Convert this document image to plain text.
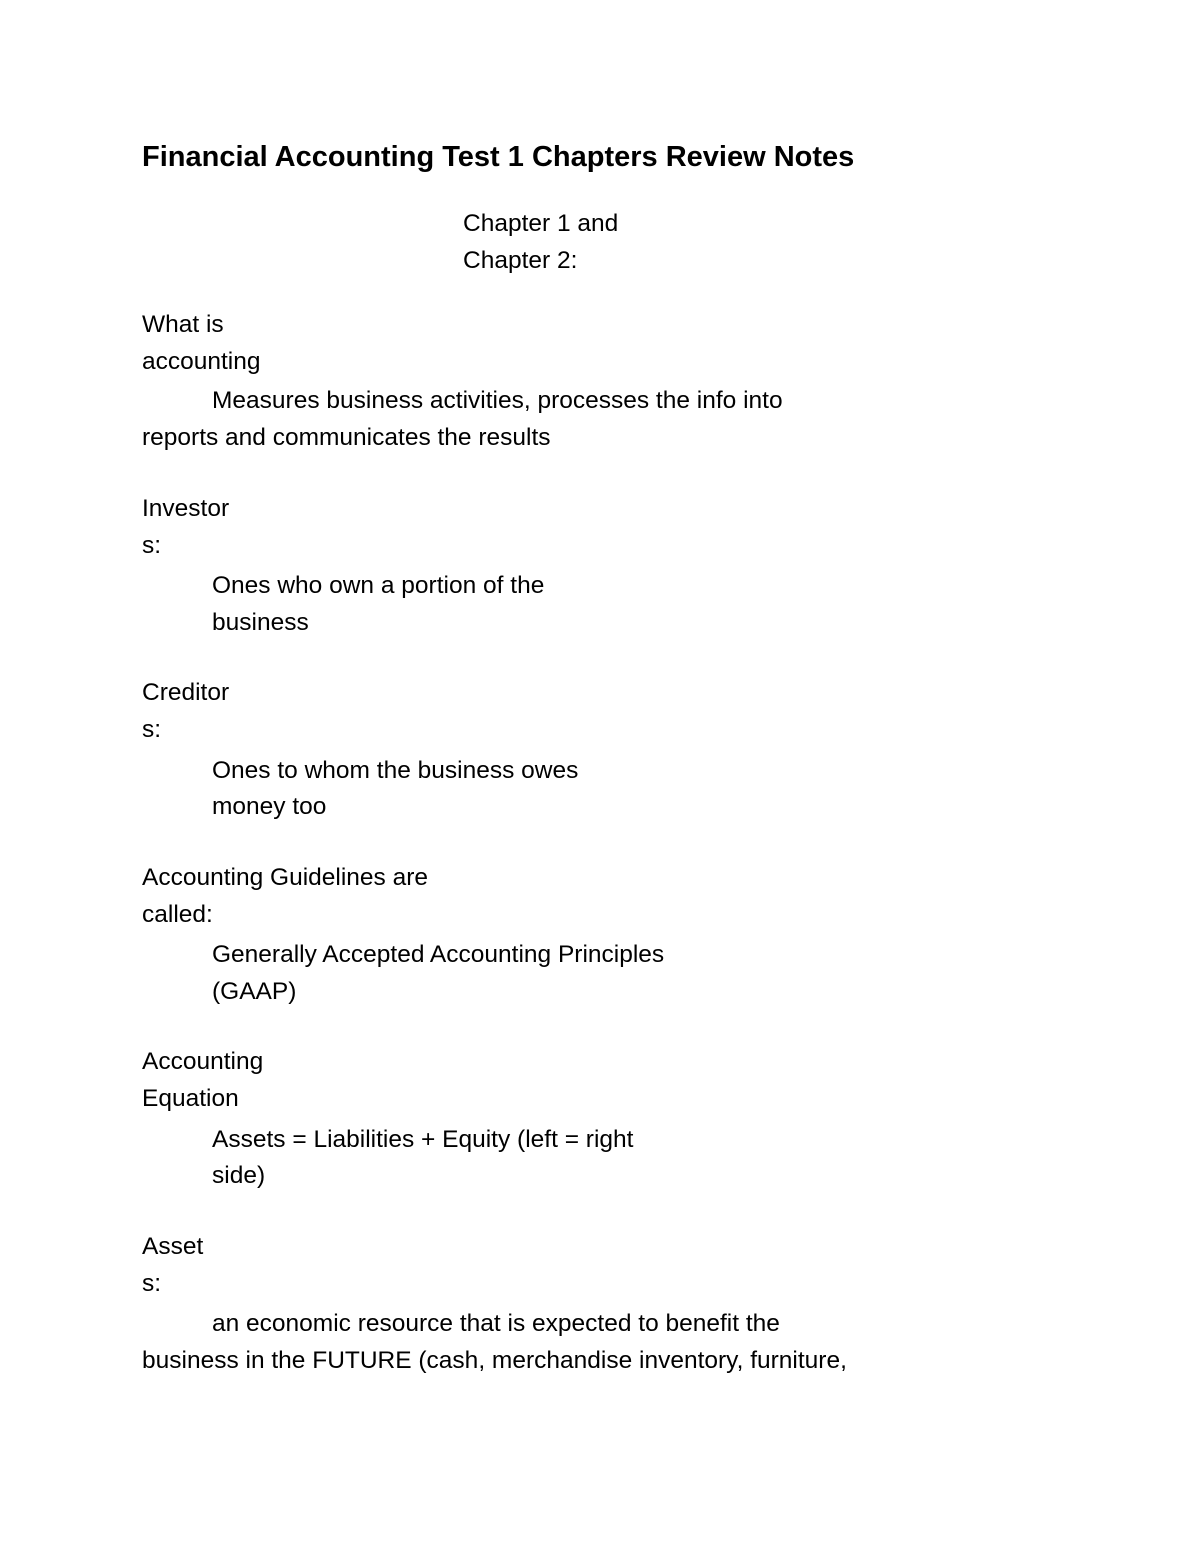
Financial Accounting Test 1 Chapters Review Notes

Chapter 1 and

Chapter 2:

What is

accounting

Measures business activities, processes the info into

reports and communicates the results

Investor

s:

Ones who own a portion of the

business

Creditor

s:

Ones to whom the business owes

money too

Accounting Guidelines are

called:

Generally Accepted Accounting Principles

(GAAP)

Accounting

Equation

Assets = Liabilities + Equity (left = right

side)

Asset

s:

an economic resource that is expected to benefit the

business in the FUTURE (cash, merchandise inventory, furniture,
